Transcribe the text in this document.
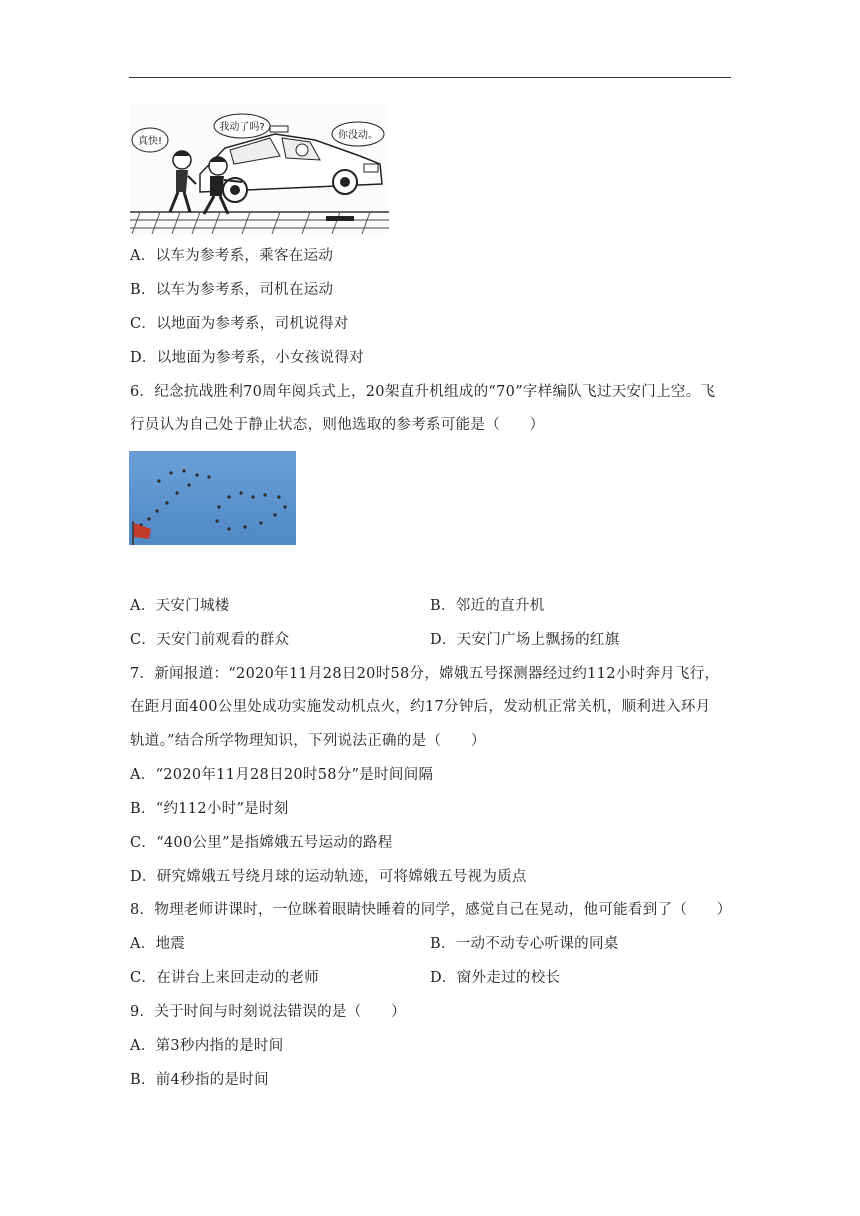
真快!
我动了吗?
你没动。
A．以车为参考系，乘客在运动
B．以车为参考系，司机在运动
C．以地面为参考系，司机说得对
D．以地面为参考系，小女孩说得对
6．纪念抗战胜利70周年阅兵式上，20架直升机组成的“70”字样编队飞过天安门上空。飞
行员认为自己处于静止状态，则他选取的参考系可能是（　　）
A．天安门城楼	B．邻近的直升机
C．天安门前观看的群众	D．天安门广场上飘扬的红旗
7．新闻报道：“2020年11月28日20时58分，嫦娥五号探测器经过约112小时奔月飞行，
在距月面400公里处成功实施发动机点火，约17分钟后，发动机正常关机，顺利进入环月
轨道。”结合所学物理知识，下列说法正确的是（　　）
A．“2020年11月28日20时58分”是时间间隔
B．“约112小时”是时刻
C．“400公里”是指嫦娥五号运动的路程
D．研究嫦娥五号绕月球的运动轨迹，可将嫦娥五号视为质点
8．物理老师讲课时，一位眯着眼睛快睡着的同学，感觉自己在晃动，他可能看到了（　　）
A．地震	B．一动不动专心听课的同桌
C．在讲台上来回走动的老师	D．窗外走过的校长
9．关于时间与时刻说法错误的是（　　）
A．第3秒内指的是时间
B．前4秒指的是时间
